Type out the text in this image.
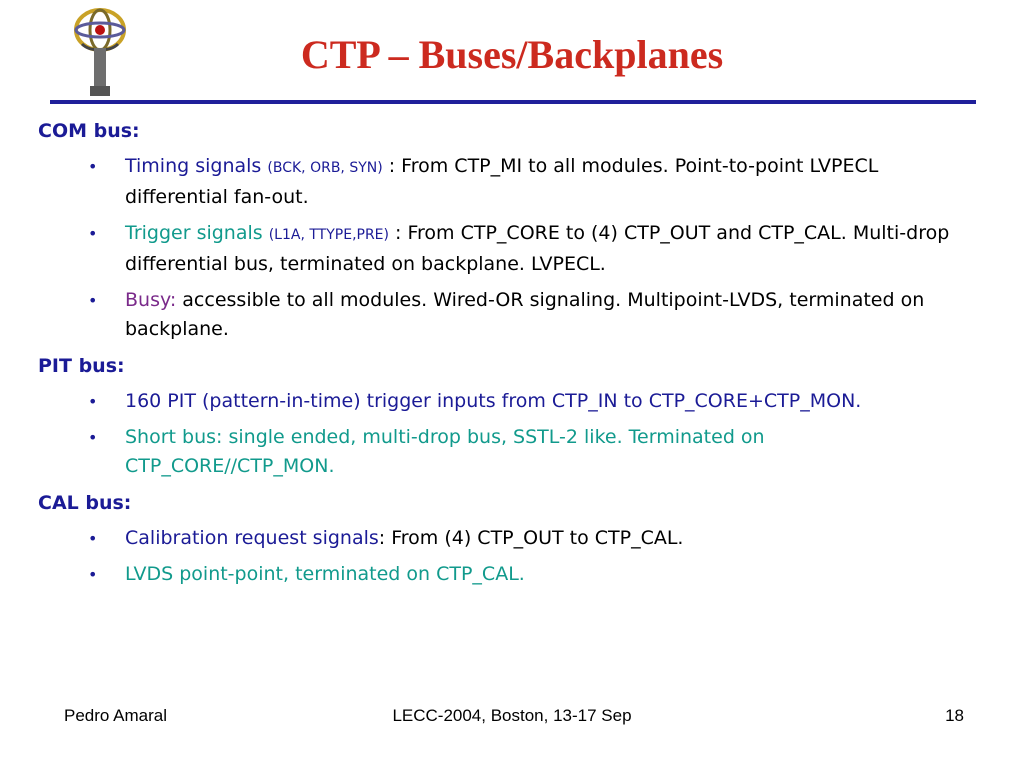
CTP – Buses/Backplanes
COM bus:
• Timing signals (BCK, ORB, SYN) : From CTP_MI to all modules. Point-to-point LVPECL differential fan-out.
• Trigger signals (L1A, TTYPE,PRE) : From CTP_CORE to (4) CTP_OUT and CTP_CAL. Multi-drop differential bus, terminated on backplane. LVPECL.
• Busy: accessible to all modules. Wired-OR signaling. Multipoint-LVDS, terminated on backplane.
PIT bus:
• 160 PIT (pattern-in-time) trigger inputs from CTP_IN to CTP_CORE+CTP_MON.
• Short bus: single ended, multi-drop bus, SSTL-2 like. Terminated on CTP_CORE//CTP_MON.
CAL bus:
• Calibration request signals: From (4) CTP_OUT to CTP_CAL.
• LVDS point-point, terminated on CTP_CAL.
Pedro Amaral	LECC-2004, Boston, 13-17 Sep	18
